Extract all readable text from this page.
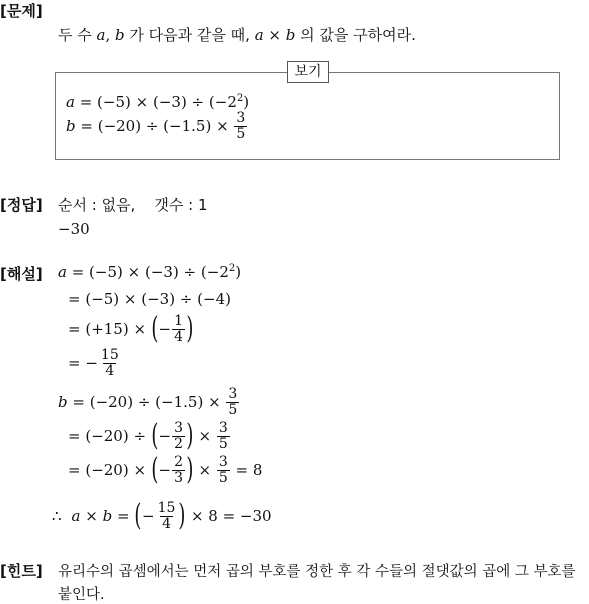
[문제]
두 수 a, b 가 다음과 같을 때, a × b 의 값을 구하여라.
보기
$a = (-5) \times (-3) \div (-2^2)$
$b = (-20) \div (-1.5) \times \frac{3}{5}$
[정답] 순서 : 없음,    갯수 : 1
−30
[해설] $a = (-5) \times (-3) \div (-2^2)$
= (−5) × (−3) ÷ (−4)
= (+15) × ( − $\frac{1}{4}$ )
= − $\frac{15}{4}$
$b = (-20) \div (-1.5) \times \frac{3}{5}$
= (−20) ÷ ( − $\frac{3}{2}$ ) × $\frac{3}{5}$
= (−20) × ( − $\frac{2}{3}$ ) × $\frac{3}{5} = 8$
∴ a × b = ( − $\frac{15}{4}$ ) × 8 = −30
[힌트] 유리수의 곱셈에서는 먼저 곱의 부호를 정한 후 각 수들의 절댓값의 곱에 그 부호를
붙인다.
